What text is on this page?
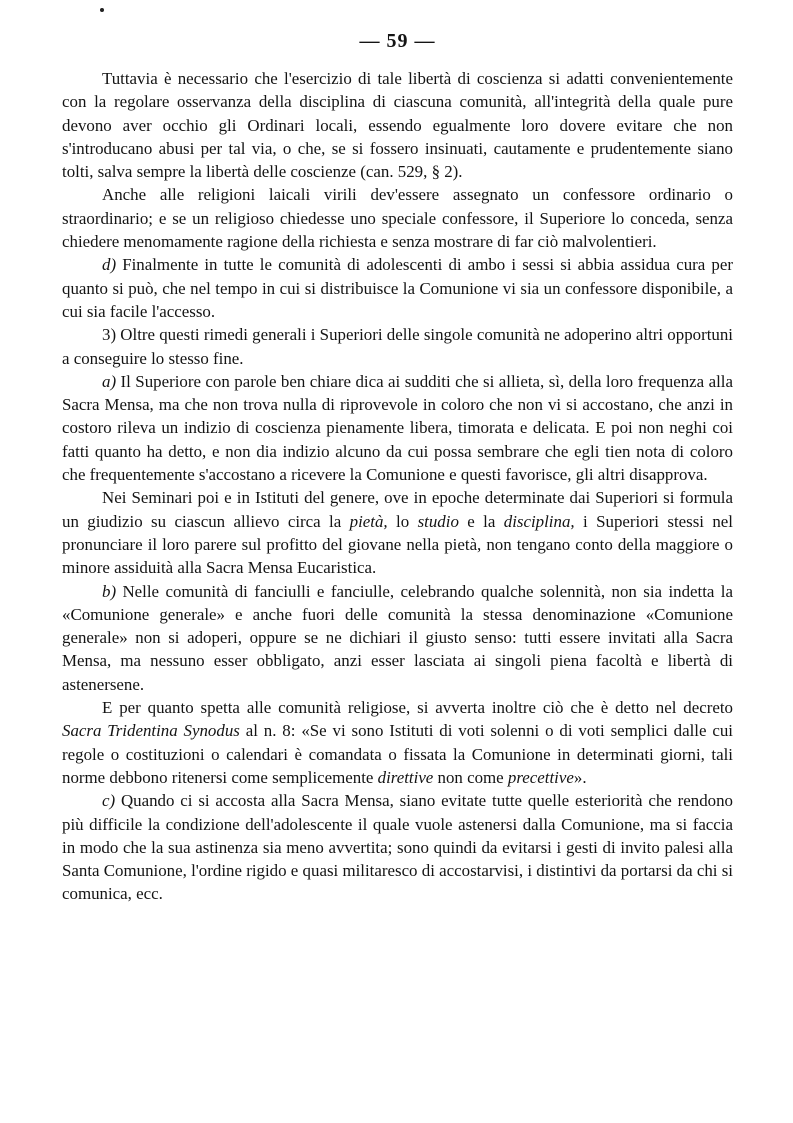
— 59 —

Tuttavia è necessario che l'esercizio di tale libertà di coscienza si adatti convenientemente con la regolare osservanza della disciplina di ciascuna comunità, all'integrità della quale pure devono aver occhio gli Ordinari locali, essendo egualmente loro dovere evitare che non s'introducano abusi per tal via, o che, se si fossero insinuati, cautamente e prudentemente siano tolti, salva sempre la libertà delle coscienze (can. 529, § 2).

Anche alle religioni laicali virili dev'essere assegnato un confessore ordinario o straordinario; e se un religioso chiedesse uno speciale confessore, il Superiore lo conceda, senza chiedere menomamente ragione della richiesta e senza mostrare di far ciò malvolentieri.

d) Finalmente in tutte le comunità di adolescenti di ambo i sessi si abbia assidua cura per quanto si può, che nel tempo in cui si distribuisce la Comunione vi sia un confessore disponibile, a cui sia facile l'accesso.

3) Oltre questi rimedi generali i Superiori delle singole comunità ne adoperino altri opportuni a conseguire lo stesso fine.

a) Il Superiore con parole ben chiare dica ai sudditi che si allieta, sì, della loro frequenza alla Sacra Mensa, ma che non trova nulla di riprovevole in coloro che non vi si accostano, che anzi in costoro rileva un indizio di coscienza pienamente libera, timorata e delicata. E poi non neghi coi fatti quanto ha detto, e non dia indizio alcuno da cui possa sembrare che egli tien nota di coloro che frequentemente s'accostano a ricevere la Comunione e questi favorisce, gli altri disapprova.

Nei Seminari poi e in Istituti del genere, ove in epoche determinate dai Superiori si formula un giudizio su ciascun allievo circa la pietà, lo studio e la disciplina, i Superiori stessi nel pronunciare il loro parere sul profitto del giovane nella pietà, non tengano conto della maggiore o minore assiduità alla Sacra Mensa Eucaristica.

b) Nelle comunità di fanciulli e fanciulle, celebrando qualche solennità, non sia indetta la «Comunione generale» e anche fuori delle comunità la stessa denominazione «Comunione generale» non si adoperi, oppure se ne dichiari il giusto senso: tutti essere invitati alla Sacra Mensa, ma nessuno esser obbligato, anzi esser lasciata ai singoli piena facoltà e libertà di astenersene.

E per quanto spetta alle comunità religiose, si avverta inoltre ciò che è detto nel decreto Sacra Tridentina Synodus al n. 8: «Se vi sono Istituti di voti solenni o di voti semplici dalle cui regole o costituzioni o calendari è comandata o fissata la Comunione in determinati giorni, tali norme debbono ritenersi come semplicemente direttive non come precettive».

c) Quando ci si accosta alla Sacra Mensa, siano evitate tutte quelle esteriorità che rendono più difficile la condizione dell'adolescente il quale vuole astenersi dalla Comunione, ma si faccia in modo che la sua astinenza sia meno avvertita; sono quindi da evitarsi i gesti di invito palesi alla Santa Comunione, l'ordine rigido e quasi militaresco di accostarvisi, i distintivi da portarsi da chi si comunica, ecc.
